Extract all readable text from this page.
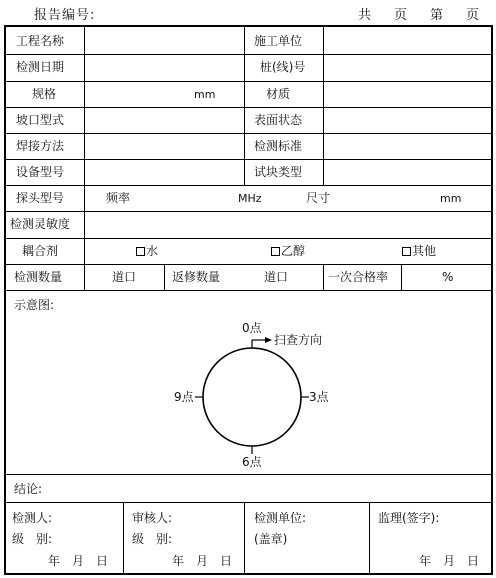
报告编号:	共 页 第 页
工程名称	施工单位
检测日期	桩(线)号
规格	mm	材质
坡口型式	表面状态
焊接方法	检测标准
设备型号	试块类型
探头型号	频率	MHz	尺寸	mm
检测灵敏度
耦合剂	水	乙醇	其他
检测数量	道口	返修数量	道口	一次合格率	%
示意图:
0点
扫查方向
9点	3点
6点
结论:
检测人:
级　别:
年　月　日
审核人:
级　别:
年　月　日
检测单位:
(盖章)
监理(签字):
年　月　日
